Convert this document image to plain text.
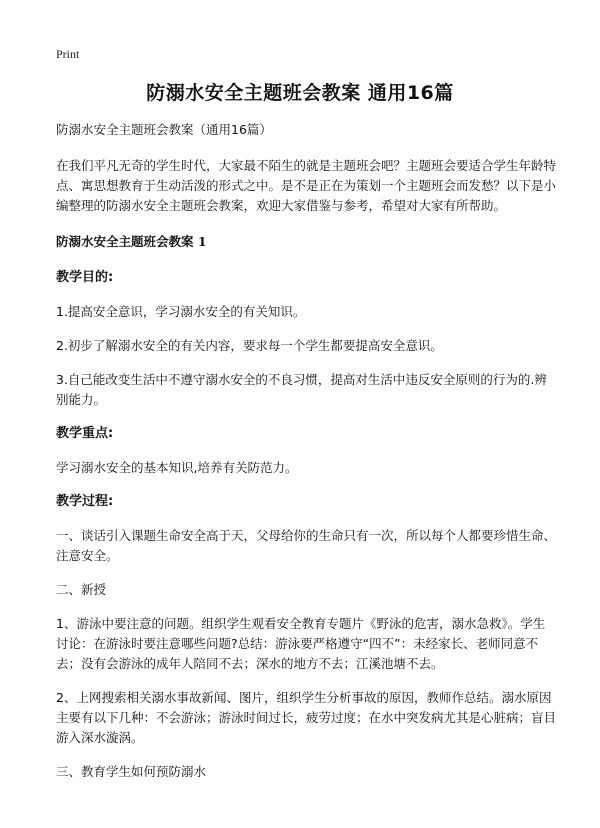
Print
防溺水安全主题班会教案 通用16篇

防溺水安全主题班会教案（通用16篇）

在我们平凡无奇的学生时代，大家最不陌生的就是主题班会吧？主题班会要适合学生年龄特点、寓思想教育于生动活泼的形式之中。是不是正在为策划一个主题班会而发愁？以下是小编整理的防溺水安全主题班会教案，欢迎大家借鉴与参考，希望对大家有所帮助。

防溺水安全主题班会教案 1

教学目的:

1.提高安全意识，学习溺水安全的有关知识。

2.初步了解溺水安全的有关内容，要求每一个学生都要提高安全意识。

3.自己能改变生活中不遵守溺水安全的不良习惯，提高对生活中违反安全原则的行为的.辨别能力。

教学重点:

学习溺水安全的基本知识,培养有关防范力。

教学过程:

一、谈话引入课题生命安全高于天，父母给你的生命只有一次，所以每个人都要珍惜生命、注意安全。

二、新授

1、游泳中要注意的问题。组织学生观看安全教育专题片《野泳的危害，溺水急救》。学生讨论：在游泳时要注意哪些问题?总结：游泳要严格遵守“四不”：未经家长、老师同意不去；没有会游泳的成年人陪同不去；深水的地方不去；江溪池塘不去。

2、上网搜索相关溺水事故新闻、图片，组织学生分析事故的原因，教师作总结。溺水原因主要有以下几种：不会游泳；游泳时间过长，疲劳过度；在水中突发病尤其是心脏病；盲目游入深水漩涡。

三、教育学生如何预防溺水
